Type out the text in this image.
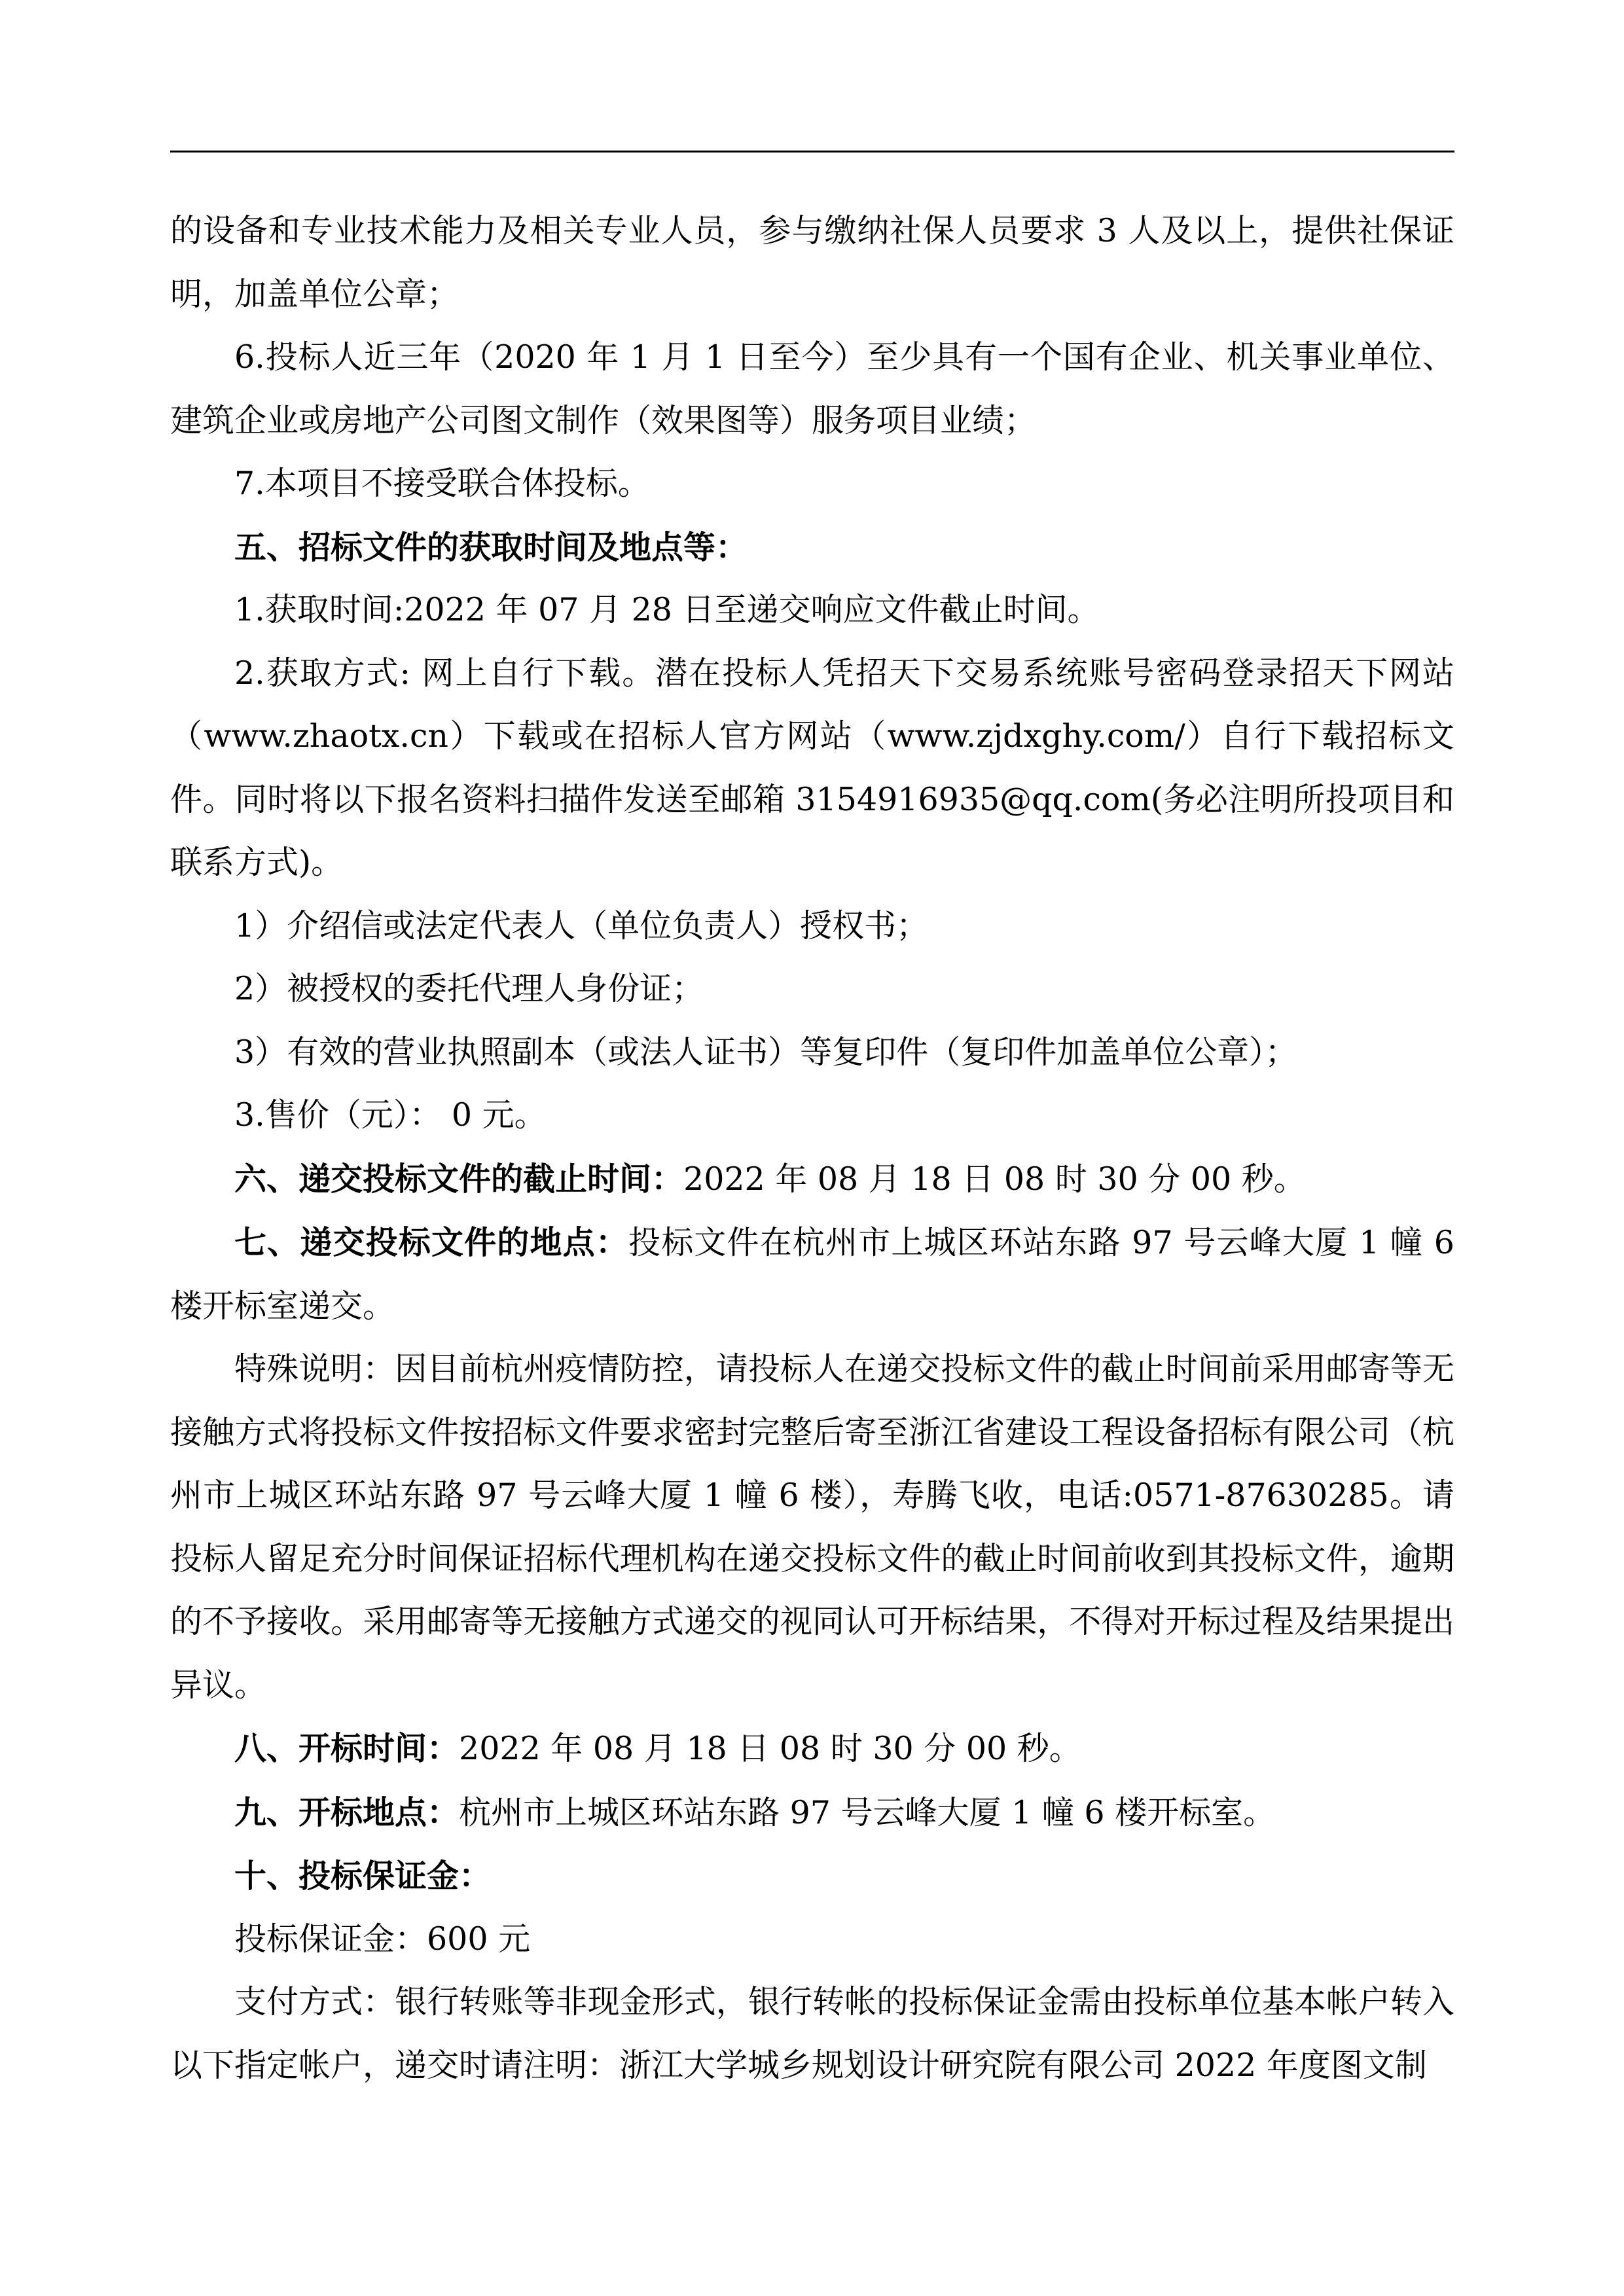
的设备和专业技术能力及相关专业人员，参与缴纳社保人员要求 3 人及以上，提供社保证明，加盖单位公章；

6.投标人近三年（2020 年 1 月 1 日至今）至少具有一个国有企业、机关事业单位、建筑企业或房地产公司图文制作（效果图等）服务项目业绩；

7.本项目不接受联合体投标。

五、招标文件的获取时间及地点等：

1.获取时间:2022 年 07 月 28 日至递交响应文件截止时间。

2.获取方式: 网上自行下载。潜在投标人凭招天下交易系统账号密码登录招天下网站（www.zhaotx.cn）下载或在招标人官方网站（www.zjdxghy.com/）自行下载招标文件。同时将以下报名资料扫描件发送至邮箱 3154916935@qq.com(务必注明所投项目和联系方式)。

1）介绍信或法定代表人（单位负责人）授权书；

2）被授权的委托代理人身份证；

3）有效的营业执照副本（或法人证书）等复印件（复印件加盖单位公章）；

3.售价（元）： 0 元。

六、递交投标文件的截止时间：2022 年 08 月 18 日 08 时 30 分 00 秒。

七、递交投标文件的地点：投标文件在杭州市上城区环站东路 97 号云峰大厦 1 幢 6 楼开标室递交。

特殊说明：因目前杭州疫情防控，请投标人在递交投标文件的截止时间前采用邮寄等无接触方式将投标文件按招标文件要求密封完整后寄至浙江省建设工程设备招标有限公司（杭州市上城区环站东路 97 号云峰大厦 1 幢 6 楼），寿腾飞收，电话:0571-87630285。请投标人留足充分时间保证招标代理机构在递交投标文件的截止时间前收到其投标文件，逾期的不予接收。采用邮寄等无接触方式递交的视同认可开标结果，不得对开标过程及结果提出异议。

八、开标时间：2022 年 08 月 18 日 08 时 30 分 00 秒。

九、开标地点：杭州市上城区环站东路 97 号云峰大厦 1 幢 6 楼开标室。

十、投标保证金：

投标保证金：600 元

支付方式：银行转账等非现金形式，银行转帐的投标保证金需由投标单位基本帐户转入以下指定帐户，递交时请注明：浙江大学城乡规划设计研究院有限公司 2022 年度图文制
